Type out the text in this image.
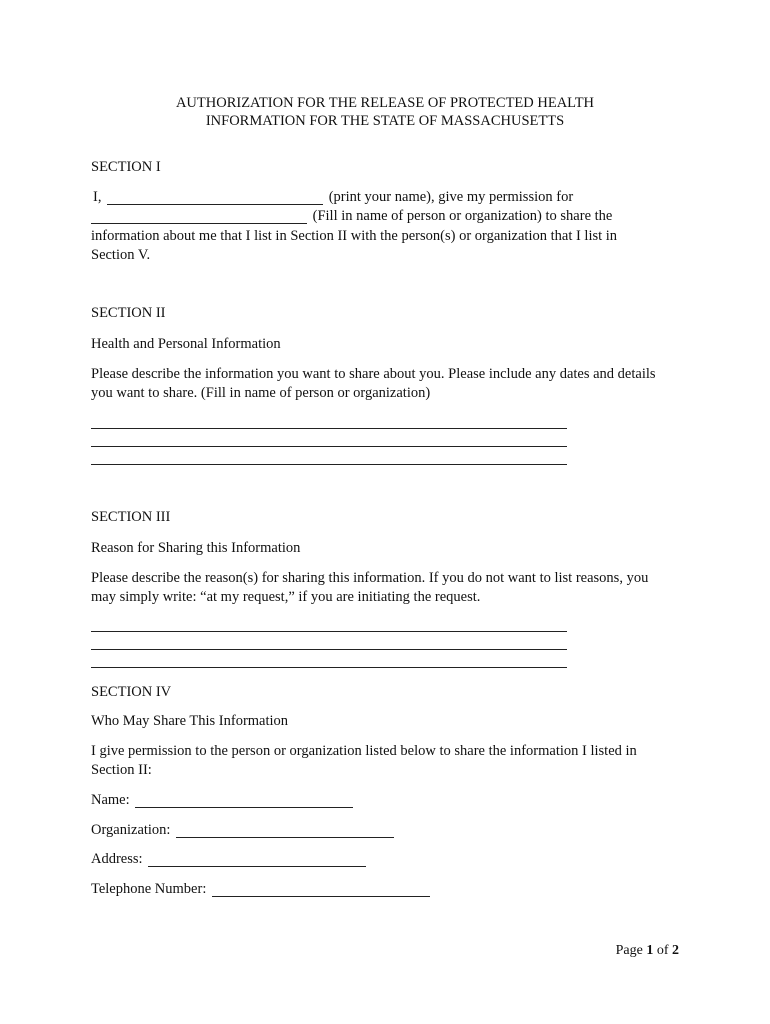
AUTHORIZATION FOR THE RELEASE OF PROTECTED HEALTH
INFORMATION FOR THE STATE OF MASSACHUSETTS
SECTION I
I,	(print your name), give my permission for
(Fill in name of person or organization) to share the
information about me that I list in Section II with the person(s) or organization that I list in
Section V.
SECTION II
Health and Personal Information
Please describe the information you want to share about you. Please include any dates and details
you want to share. (Fill in name of person or organization)
SECTION III
Reason for Sharing this Information
Please describe the reason(s) for sharing this information. If you do not want to list reasons, you
may simply write: “at my request,” if you are initiating the request.
SECTION IV
Who May Share This Information
I give permission to the person or organization listed below to share the information I listed in
Section II:
Name:
Organization:
Address:
Telephone Number:
Page 1 of 2
